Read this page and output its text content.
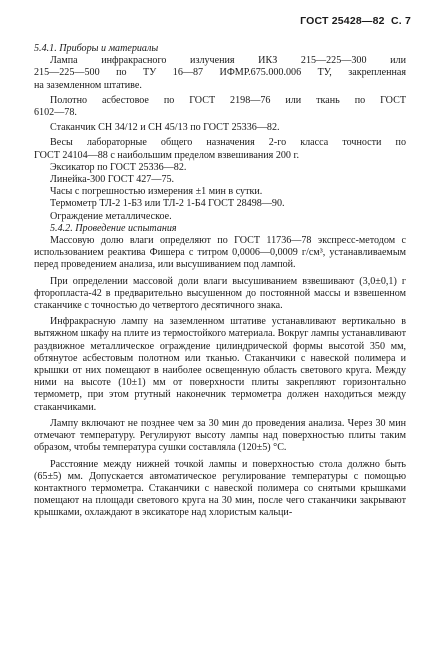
ГОСТ 25428—82 С. 7
5.4.1. Приборы и материалы
Лампа инфракрасного излучения ИКЗ 215—225—300 или
215—225—500 по ТУ 16—87 ИФМР.675.000.006 ТУ, закрепленная
на заземленном штативе.
Полотно асбестовое по ГОСТ 2198—76 или ткань по ГОСТ
6102—78.
Стаканчик СН 34/12 и СН 45/13 по ГОСТ 25336—82.
Весы лабораторные общего назначения 2-го класса точности по
ГОСТ 24104—88 с наибольшим пределом взвешивания 200 г.
Эксикатор по ГОСТ 25336—82.
Линейка-300 ГОСТ 427—75.
Часы с погрешностью измерения ±1 мин в сутки.
Термометр ТЛ-2 1-Б3 или ТЛ-2 1-Б4 ГОСТ 28498—90.
Ограждение металлическое.
5.4.2. Проведение испытания
Массовую долю влаги определяют по ГОСТ 11736—78 экспресс-методом с использованием реактива Фишера с титром 0,0006—0,0009 г/см³, устанавливаемым перед проведением анализа, или высушиванием под лампой.
При определении массовой доли влаги высушиванием взвешивают (3,0±0,1) г фторопласта-42 в предварительно высушенном до постоянной массы и взвешенном стаканчике с точностью до четвертого десятичного знака.
Инфракрасную лампу на заземленном штативе устанавливают вертикально в вытяжном шкафу на плите из термостойкого материала. Вокруг лампы устанавливают раздвижное металлическое ограждение цилиндрической формы высотой 350 мм, обтянутое асбестовым полотном или тканью. Стаканчики с навеской полимера и крышки от них помещают в наиболее освещенную область светового круга. Между ними на высоте (10±1) мм от поверхности плиты закрепляют горизонтально термометр, при этом ртутный наконечник термометра должен находиться между стаканчиками.
Лампу включают не позднее чем за 30 мин до проведения анализа. Через 30 мин отмечают температуру. Регулируют высоту лампы над поверхностью плиты таким образом, чтобы температура сушки составляла (120±5) °С.
Расстояние между нижней точкой лампы и поверхностью стола должно быть (65±5) мм. Допускается автоматическое регулирование температуры с помощью контактного термометра. Стаканчики с навеской полимера со снятыми крышками помещают на площади светового круга на 30 мин, после чего стаканчики закрывают крышками, охлаждают в эксикаторе над хлористым кальци-
